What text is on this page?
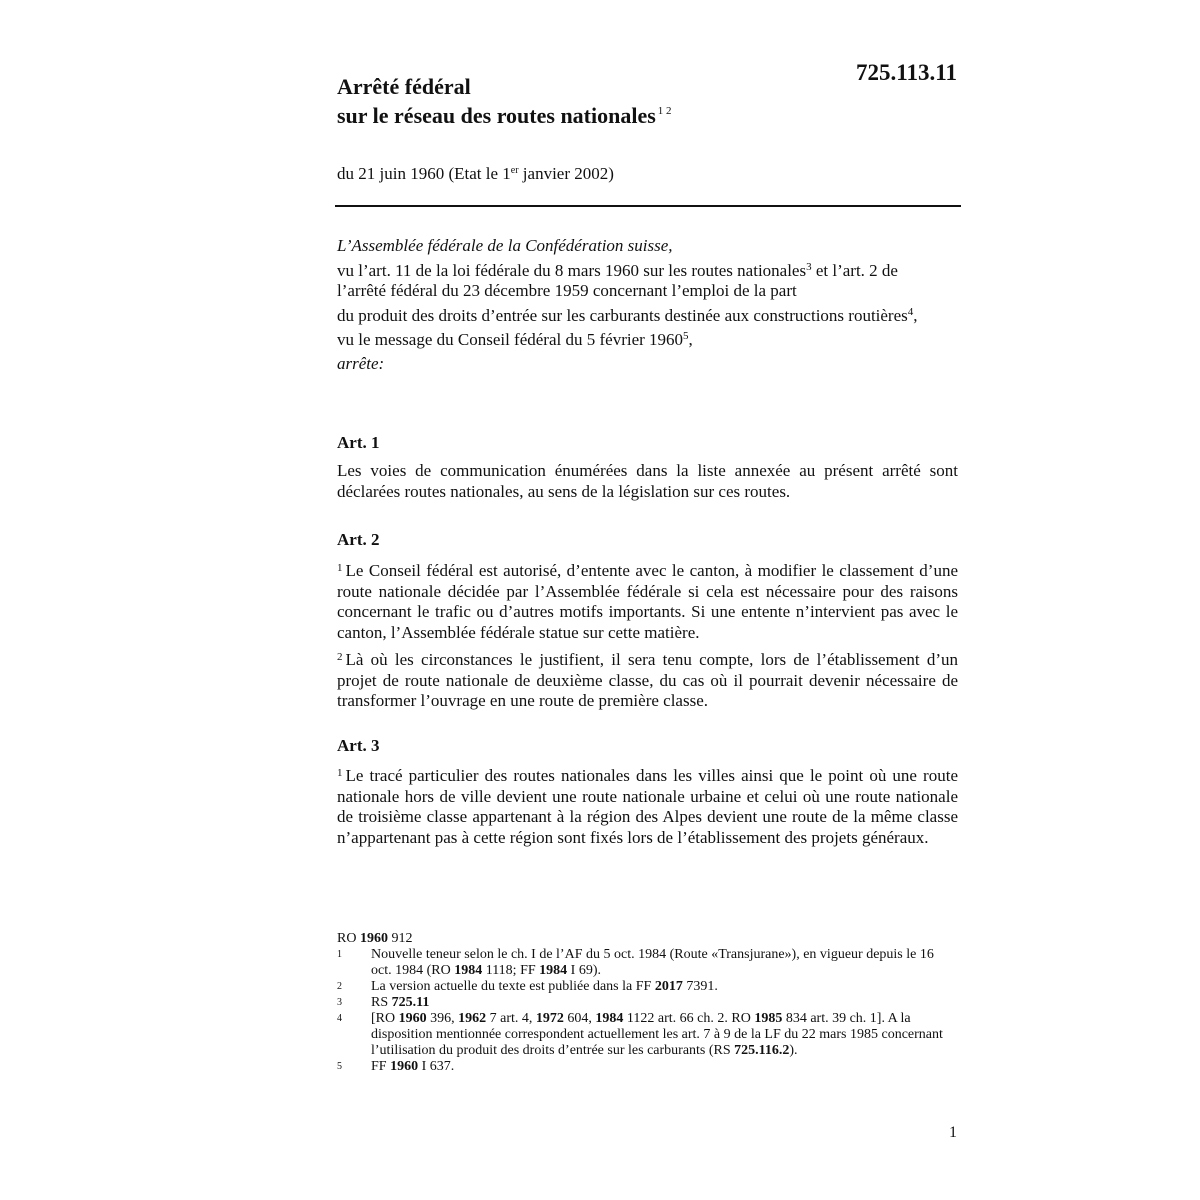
725.113.11
Arrêté fédéral
sur le réseau des routes nationales $^{1 2}$
du 21 juin 1960 (Etat le 1er janvier 2002)
L’Assemblée fédérale de la Confédération suisse,
vu l’art. 11 de la loi fédérale du 8 mars 1960 sur les routes nationales$^3$ et l’art. 2 de
l’arrêté fédéral du 23 décembre 1959 concernant l’emploi de la part
du produit des droits d’entrée sur les carburants destinée aux constructions routières$^4$,
vu le message du Conseil fédéral du 5 février 1960$^5$,
arrête:
Art. 1
Les voies de communication énumérées dans la liste annexée au présent arrêté sont déclarées routes nationales, au sens de la législation sur ces routes.
Art. 2
$^1$ Le Conseil fédéral est autorisé, d’entente avec le canton, à modifier le classement d’une route nationale décidée par l’Assemblée fédérale si cela est nécessaire pour des raisons concernant le trafic ou d’autres motifs importants. Si une entente n’intervient pas avec le canton, l’Assemblée fédérale statue sur cette matière.
$^2$ Là où les circonstances le justifient, il sera tenu compte, lors de l’établissement d’un projet de route nationale de deuxième classe, du cas où il pourrait devenir nécessaire de transformer l’ouvrage en une route de première classe.
Art. 3
$^1$ Le tracé particulier des routes nationales dans les villes ainsi que le point où une route nationale hors de ville devient une route nationale urbaine et celui où une route nationale de troisième classe appartenant à la région des Alpes devient une route de la même classe n’appartenant pas à cette région sont fixés lors de l’établissement des projets généraux.
RO 1960 912
1	Nouvelle teneur selon le ch. I de l’AF du 5 oct. 1984 (Route «Transjurane»), en vigueur depuis le 16 oct. 1984 (RO 1984 1118; FF 1984 I 69).
2	La version actuelle du texte est publiée dans la FF 2017 7391.
3	RS 725.11
4	[RO 1960 396, 1962 7 art. 4, 1972 604, 1984 1122 art. 66 ch. 2. RO 1985 834 art. 39 ch. 1]. A la disposition mentionnée correspondent actuellement les art. 7 à 9 de la LF du 22 mars 1985 concernant l’utilisation du produit des droits d’entrée sur les carburants (RS 725.116.2).
5	FF 1960 I 637.
1
